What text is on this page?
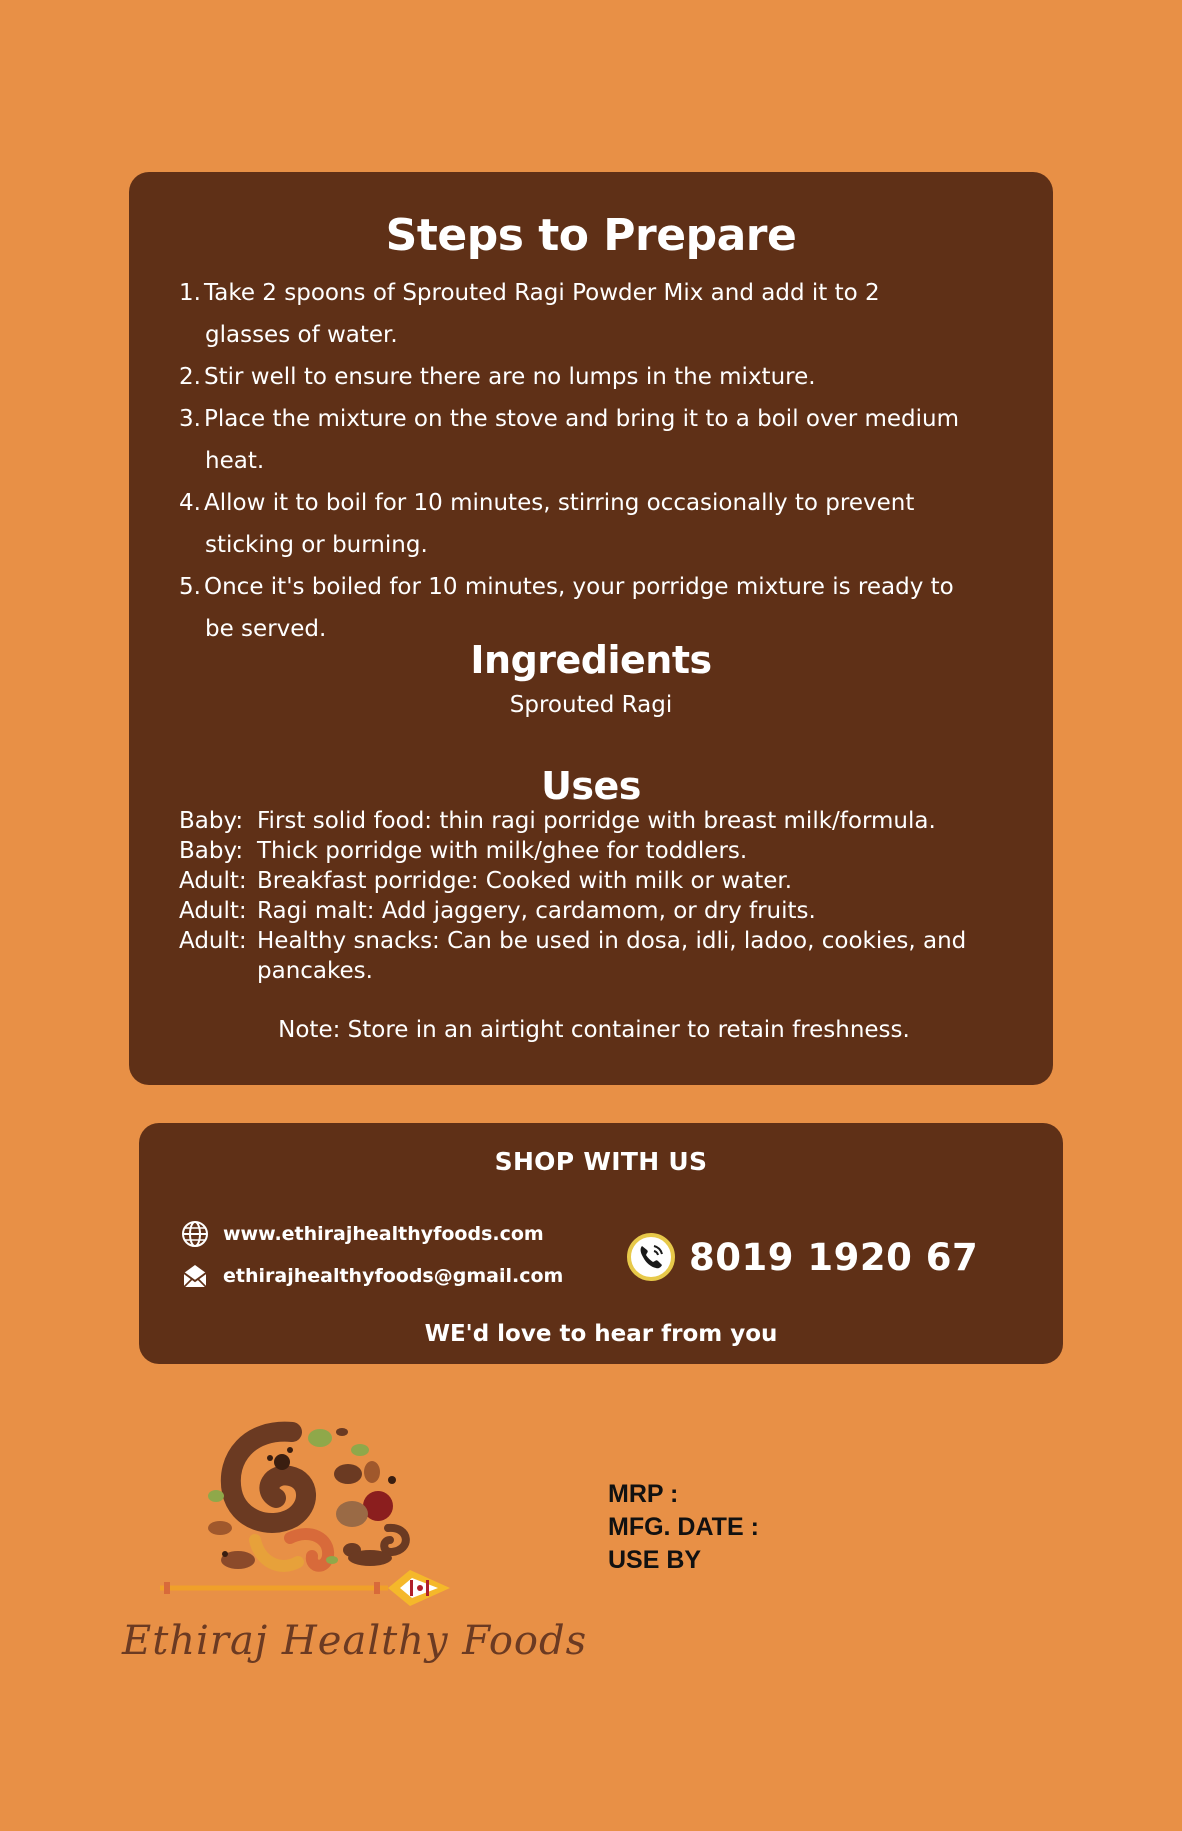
Steps to Prepare
1. Take 2 spoons of Sprouted Ragi Powder Mix and add it to 2
glasses of water.
2. Stir well to ensure there are no lumps in the mixture.
3. Place the mixture on the stove and bring it to a boil over medium
heat.
4. Allow it to boil for 10 minutes, stirring occasionally to prevent
sticking or burning.
5. Once it's boiled for 10 minutes, your porridge mixture is ready to
be served.
Ingredients
Sprouted Ragi
Uses
Baby: First solid food: thin ragi porridge with breast milk/formula.
Baby: Thick porridge with milk/ghee for toddlers.
Adult: Breakfast porridge: Cooked with milk or water.
Adult: Ragi malt: Add jaggery, cardamom, or dry fruits.
Adult: Healthy snacks: Can be used in dosa, idli, ladoo, cookies, and pancakes.
Note: Store in an airtight container to retain freshness.
SHOP WITH US
www.ethirajhealthyfoods.com
ethirajhealthyfoods@gmail.com	8019 1920 67
WE'd love to hear from you
Ethiraj Healthy Foods
MRP :
MFG. DATE :
USE BY
